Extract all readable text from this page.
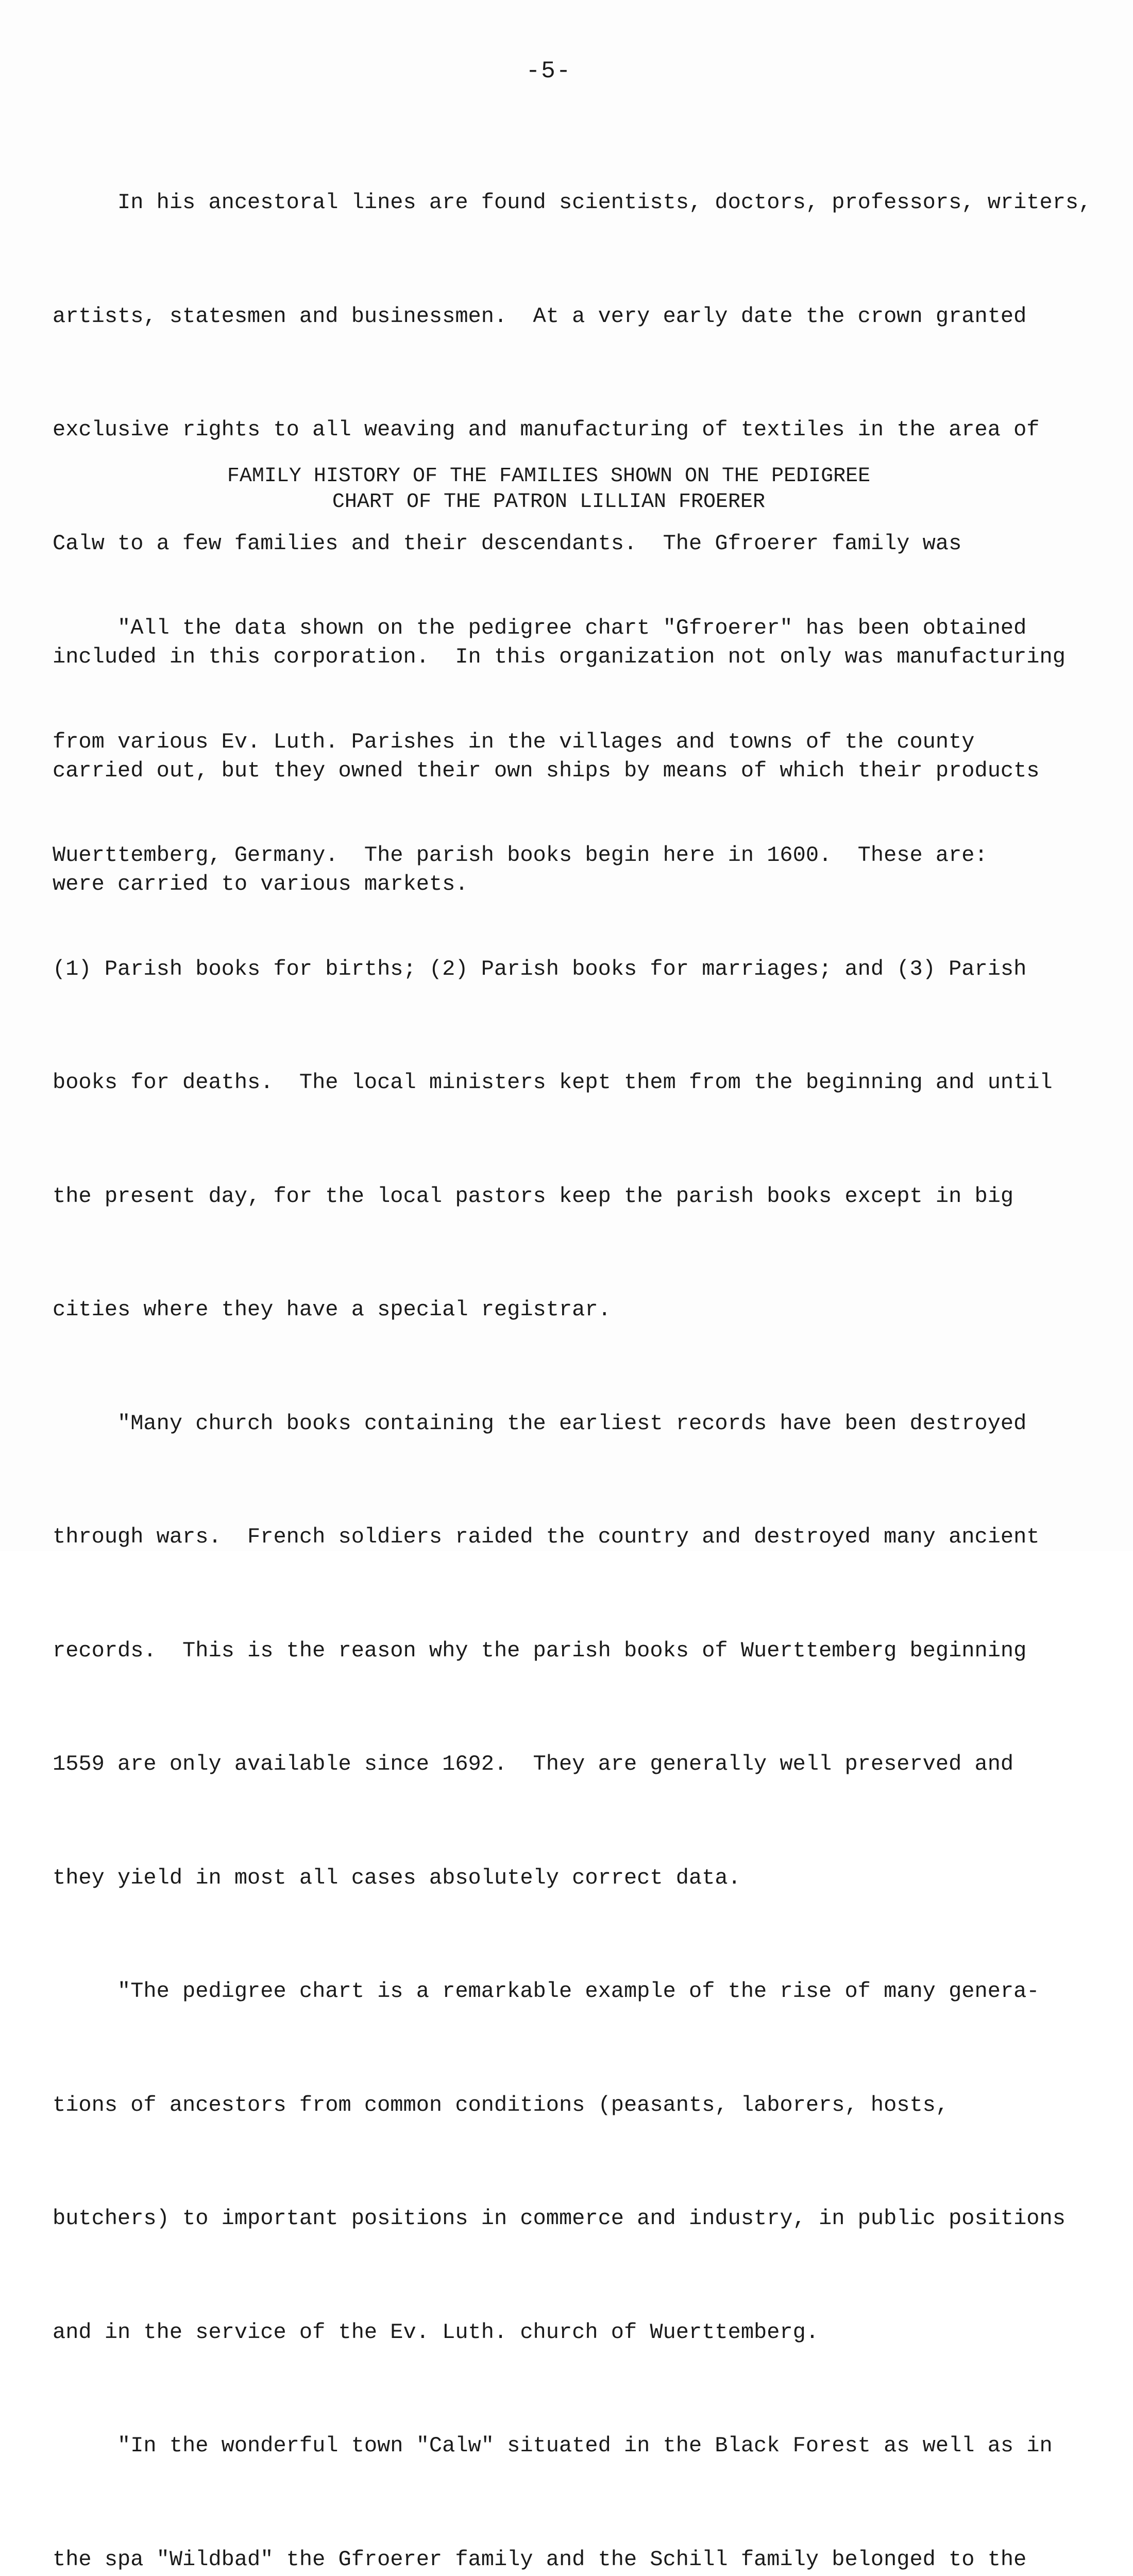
-5-

In his ancestoral lines are found scientists, doctors, professors, writers,

artists, statesmen and businessmen.  At a very early date the crown granted

exclusive rights to all weaving and manufacturing of textiles in the area of

Calw to a few families and their descendants.  The Gfroerer family was

included in this corporation.  In this organization not only was manufacturing

carried out, but they owned their own ships by means of which their products

were carried to various markets.

FAMILY HISTORY OF THE FAMILIES SHOWN ON THE PEDIGREE
CHART OF THE PATRON LILLIAN FROERER

"All the data shown on the pedigree chart "Gfroerer" has been obtained

from various Ev. Luth. Parishes in the villages and towns of the county

Wuerttemberg, Germany.  The parish books begin here in 1600.  These are:

(1) Parish books for births; (2) Parish books for marriages; and (3) Parish

books for deaths.  The local ministers kept them from the beginning and until

the present day, for the local pastors keep the parish books except in big

cities where they have a special registrar.

"Many church books containing the earliest records have been destroyed

through wars.  French soldiers raided the country and destroyed many ancient

records.  This is the reason why the parish books of Wuerttemberg beginning

1559 are only available since 1692.  They are generally well preserved and

they yield in most all cases absolutely correct data.

"The pedigree chart is a remarkable example of the rise of many genera-

tions of ancestors from common conditions (peasants, laborers, hosts,

butchers) to important positions in commerce and industry, in public positions

and in the service of the Ev. Luth. church of Wuerttemberg.

"In the wonderful town "Calw" situated in the Black Forest as well as in

the spa "Wildbad" the Gfroerer family and the Schill family belonged to the
